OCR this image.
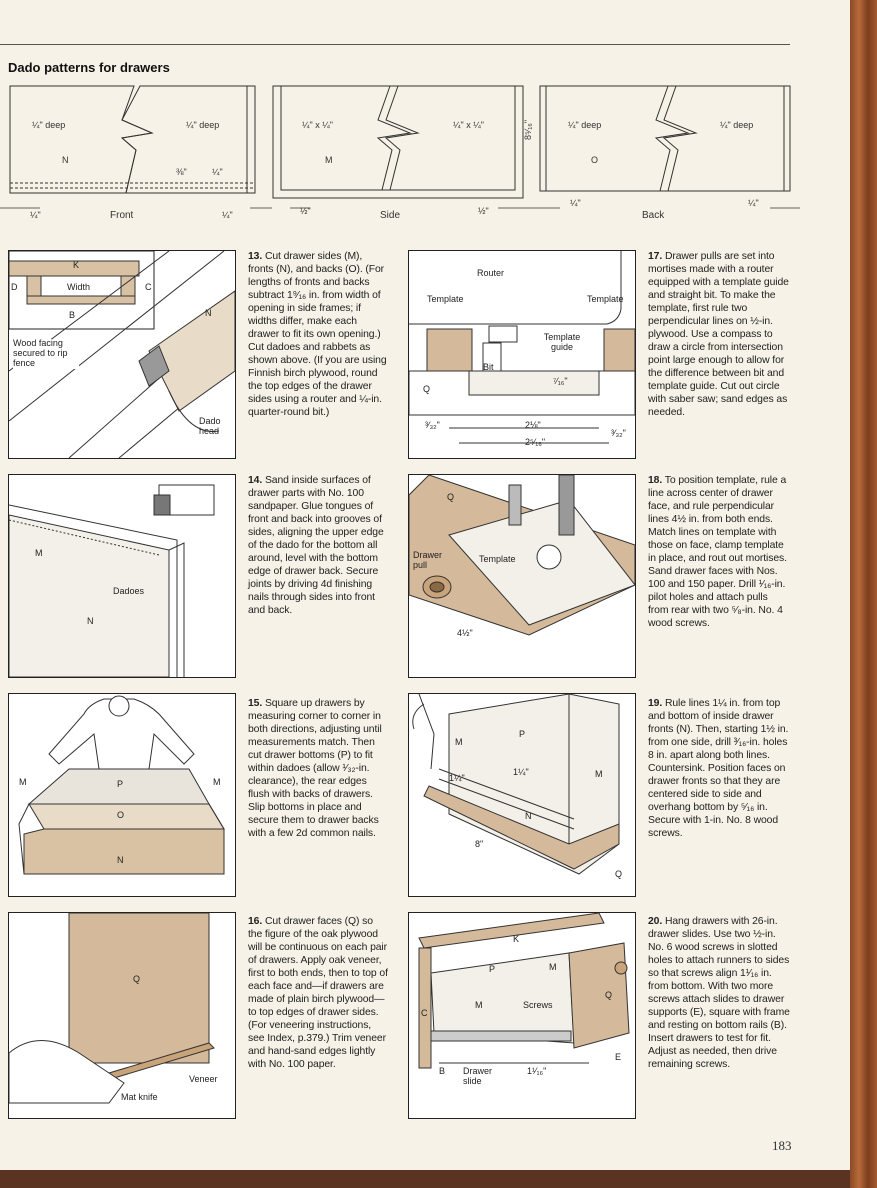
Dado patterns for drawers
¼" deep	¼" deep
N
⅜"	¼"
¼"	Front	¼"
¼" x ¼"	¼" x ¼"
M
8⁵⁄₁₆"
½"	Side	½"
¼" deep	¼" deep
O
¼"
Back
¼"
K
D	Width	C
B	N
Wood facing secured to rip fence
Dado head
M
Dadoes
N
M	P	M
O
N
Q
Veneer
Mat knife
Router
Template	Template
Template guide
Bit
Q
⁷⁄₁₆"
³⁄₃₂"
³⁄₃₂"
2⅛"
2⁵⁄₁₆"
Q
Drawer pull
Template
4½"
M
P
M
N
Q
1¼"
1¼"
8"
K
P	M
M
C
Screws
Q
E
B Drawer slide
1¹⁄₁₆"
13. Cut drawer sides (M), fronts (N), and backs (O). (For lengths of fronts and backs subtract 1⁹⁄₁₆ in. from width of opening in side frames; if widths differ, make each drawer to fit its own opening.) Cut dadoes and rabbets as shown above. (If you are using Finnish birch plywood, round the top edges of the drawer sides using a router and ¼-in. quarter-round bit.)
14. Sand inside surfaces of drawer parts with No. 100 sandpaper. Glue tongues of front and back into grooves of sides, aligning the upper edge of the dado for the bottom all around, level with the bottom edge of drawer back. Secure joints by driving 4d finishing nails through sides into front and back.
15. Square up drawers by measuring corner to corner in both directions, adjusting until measurements match. Then cut drawer bottoms (P) to fit within dadoes (allow ¹⁄₃₂-in. clearance), the rear edges flush with backs of drawers. Slip bottoms in place and secure them to drawer backs with a few 2d common nails.
16. Cut drawer faces (Q) so the figure of the oak plywood will be continuous on each pair of drawers. Apply oak veneer, first to both ends, then to top of each face and—if drawers are made of plain birch plywood—to top edges of drawer sides. (For veneering instructions, see Index, p.379.) Trim veneer and hand-sand edges lightly with No. 100 paper.
17. Drawer pulls are set into mortises made with a router equipped with a template guide and straight bit. To make the template, first rule two perpendicular lines on ½-in. plywood. Use a compass to draw a circle from intersection point large enough to allow for the difference between bit and template guide. Cut out circle with saber saw; sand edges as needed.
18. To position template, rule a line across center of drawer face, and rule perpendicular lines 4½ in. from both ends. Match lines on template with those on face, clamp template in place, and rout out mortises. Sand drawer faces with Nos. 100 and 150 paper. Drill ¹⁄₁₆-in. pilot holes and attach pulls from rear with two ⁵⁄₈-in. No. 4 wood screws.
19. Rule lines 1¼ in. from top and bottom of inside drawer fronts (N). Then, starting 1½ in. from one side, drill ³⁄₁₆-in. holes 8 in. apart along both lines. Countersink. Position faces on drawer fronts so that they are centered side to side and overhang bottom by ⁵⁄₁₆ in. Secure with 1-in. No. 8 wood screws.
20. Hang drawers with 26-in. drawer slides. Use two ½-in. No. 6 wood screws in slotted holes to attach runners to sides so that screws align 1¹⁄₁₆ in. from bottom. With two more screws attach slides to drawer supports (E), square with frame and resting on bottom rails (B). Insert drawers to test for fit. Adjust as needed, then drive remaining screws.
183
